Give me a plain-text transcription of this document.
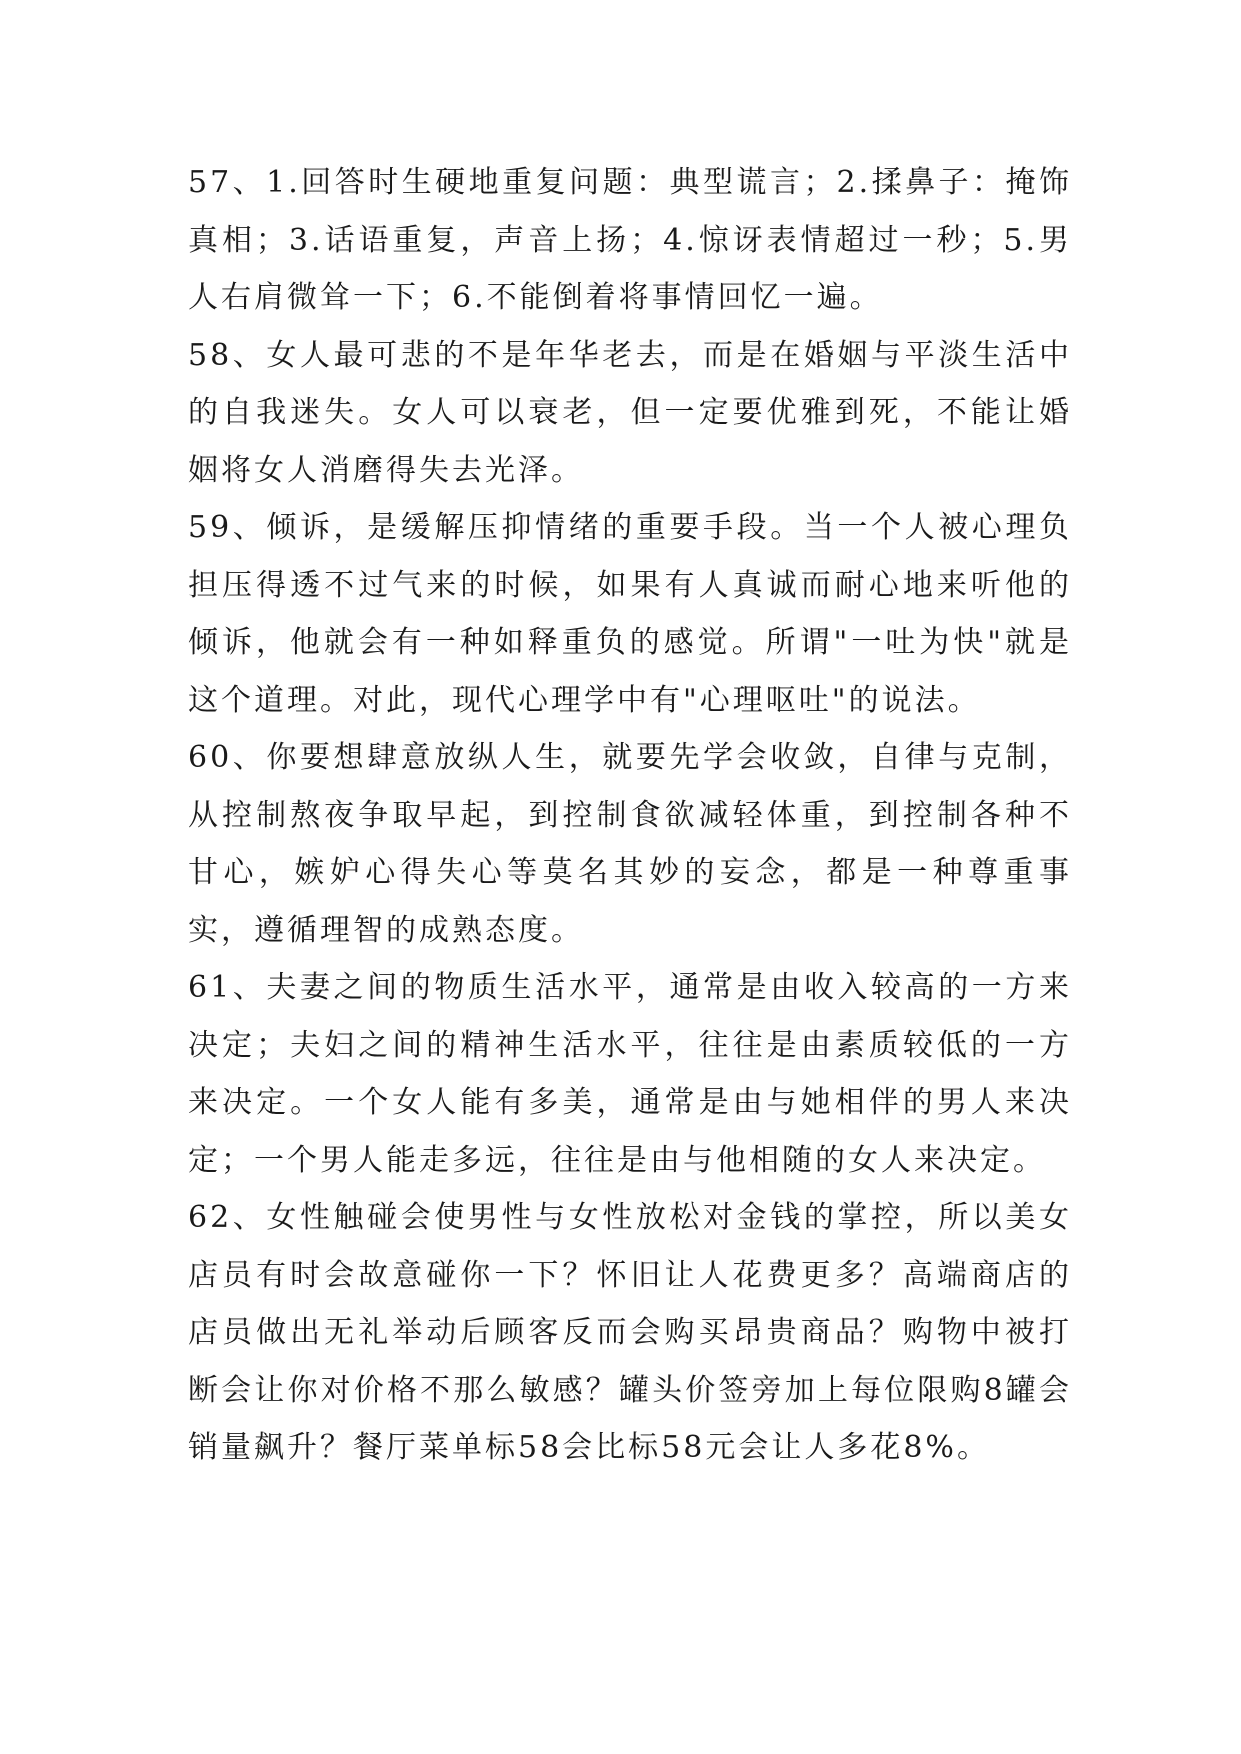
57、1.回答时生硬地重复问题：典型谎言；2.揉鼻子：掩饰真相；3.话语重复，声音上扬；4.惊讶表情超过一秒；5.男人右肩微耸一下；6.不能倒着将事情回忆一遍。

58、女人最可悲的不是年华老去，而是在婚姻与平淡生活中的自我迷失。女人可以衰老，但一定要优雅到死，不能让婚姻将女人消磨得失去光泽。

59、倾诉，是缓解压抑情绪的重要手段。当一个人被心理负担压得透不过气来的时候，如果有人真诚而耐心地来听他的倾诉，他就会有一种如释重负的感觉。所谓"一吐为快"就是这个道理。对此，现代心理学中有"心理呕吐"的说法。

60、你要想肆意放纵人生，就要先学会收敛，自律与克制，从控制熬夜争取早起，到控制食欲减轻体重，到控制各种不甘心，嫉妒心得失心等莫名其妙的妄念，都是一种尊重事实，遵循理智的成熟态度。

61、夫妻之间的物质生活水平，通常是由收入较高的一方来决定；夫妇之间的精神生活水平，往往是由素质较低的一方来决定。一个女人能有多美，通常是由与她相伴的男人来决定；一个男人能走多远，往往是由与他相随的女人来决定。

62、女性触碰会使男性与女性放松对金钱的掌控，所以美女店员有时会故意碰你一下？怀旧让人花费更多？高端商店的店员做出无礼举动后顾客反而会购买昂贵商品？购物中被打断会让你对价格不那么敏感？罐头价签旁加上每位限购8罐会销量飙升？餐厅菜单标58会比标58元会让人多花8%。
